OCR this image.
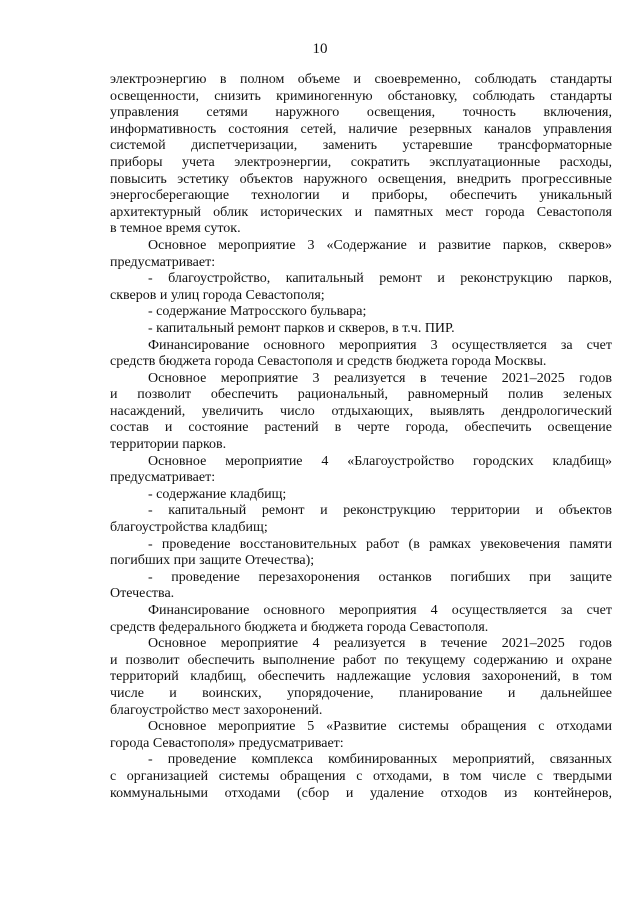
10

электроэнергию в полном объеме и своевременно, соблюдать стандарты

освещенности, снизить криминогенную обстановку, соблюдать стандарты

управления сетями наружного освещения, точность включения,

информативность состояния сетей, наличие резервных каналов управления

системой диспетчеризации, заменить устаревшие трансформаторные

приборы учета электроэнергии, сократить эксплуатационные расходы,

повысить эстетику объектов наружного освещения, внедрить прогрессивные

энергосберегающие технологии и приборы, обеспечить уникальный

архитектурный облик исторических и памятных мест города Севастополя

в темное время суток.

Основное мероприятие 3 «Содержание и развитие парков, скверов»

предусматривает:

- благоустройство, капитальный ремонт и реконструкцию парков,

скверов и улиц города Севастополя;

- содержание Матросского бульвара;

- капитальный ремонт парков и скверов, в т.ч. ПИР.

Финансирование основного мероприятия 3 осуществляется за счет

средств бюджета города Севастополя и средств бюджета города Москвы.

Основное мероприятие 3 реализуется в течение 2021–2025 годов

и позволит обеспечить рациональный, равномерный полив зеленых

насаждений, увеличить число отдыхающих, выявлять дендрологический

состав и состояние растений в черте города, обеспечить освещение

территории парков.

Основное мероприятие 4 «Благоустройство городских кладбищ»

предусматривает:

- содержание кладбищ;

- капитальный ремонт и реконструкцию территории и объектов

благоустройства кладбищ;

- проведение восстановительных работ (в рамках увековечения памяти

погибших при защите Отечества);

- проведение перезахоронения останков погибших при защите

Отечества.

Финансирование основного мероприятия 4 осуществляется за счет

средств федерального бюджета и бюджета города Севастополя.

Основное мероприятие 4 реализуется в течение 2021–2025 годов

и позволит обеспечить выполнение работ по текущему содержанию и охране

территорий кладбищ, обеспечить надлежащие условия захоронений, в том

числе и воинских, упорядочение, планирование и дальнейшее

благоустройство мест захоронений.

Основное мероприятие 5 «Развитие системы обращения с отходами

города Севастополя» предусматривает:

- проведение комплекса комбинированных мероприятий, связанных

с организацией системы обращения с отходами, в том числе с твердыми

коммунальными отходами (сбор и удаление отходов из контейнеров,
